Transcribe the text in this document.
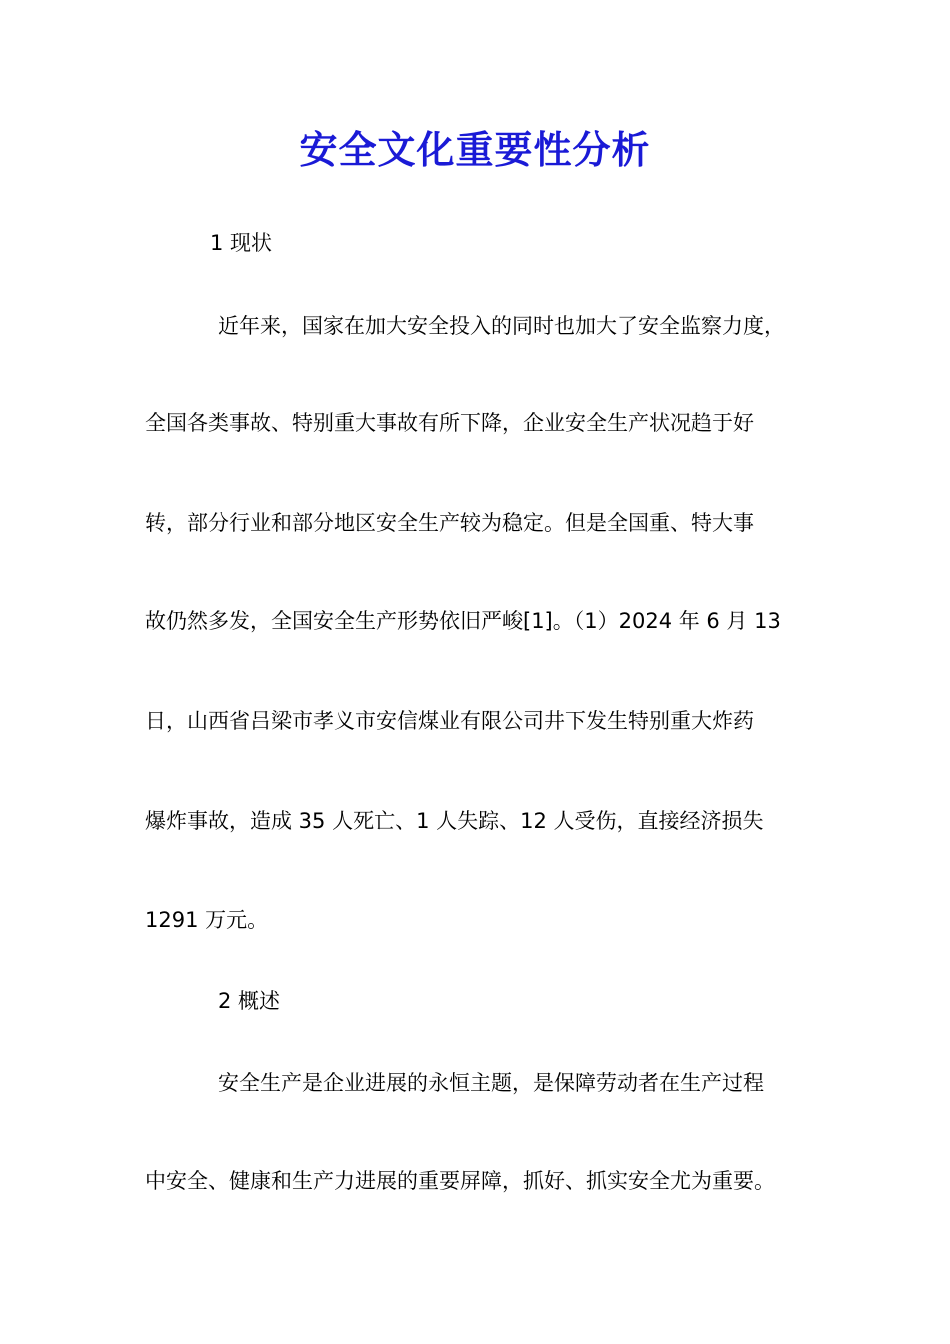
安全文化重要性分析
1 现状
近年来，国家在加大安全投入的同时也加大了安全监察力度，
全国各类事故、特别重大事故有所下降，企业安全生产状况趋于好
转，部分行业和部分地区安全生产较为稳定。但是全国重、特大事
故仍然多发，全国安全生产形势依旧严峻[1]。（1）2024 年 6 月 13
日，山西省吕梁市孝义市安信煤业有限公司井下发生特别重大炸药
爆炸事故，造成 35 人死亡、1 人失踪、12 人受伤，直接经济损失
1291 万元。
2 概述
安全生产是企业进展的永恒主题，是保障劳动者在生产过程
中安全、健康和生产力进展的重要屏障，抓好、抓实安全尤为重要。
